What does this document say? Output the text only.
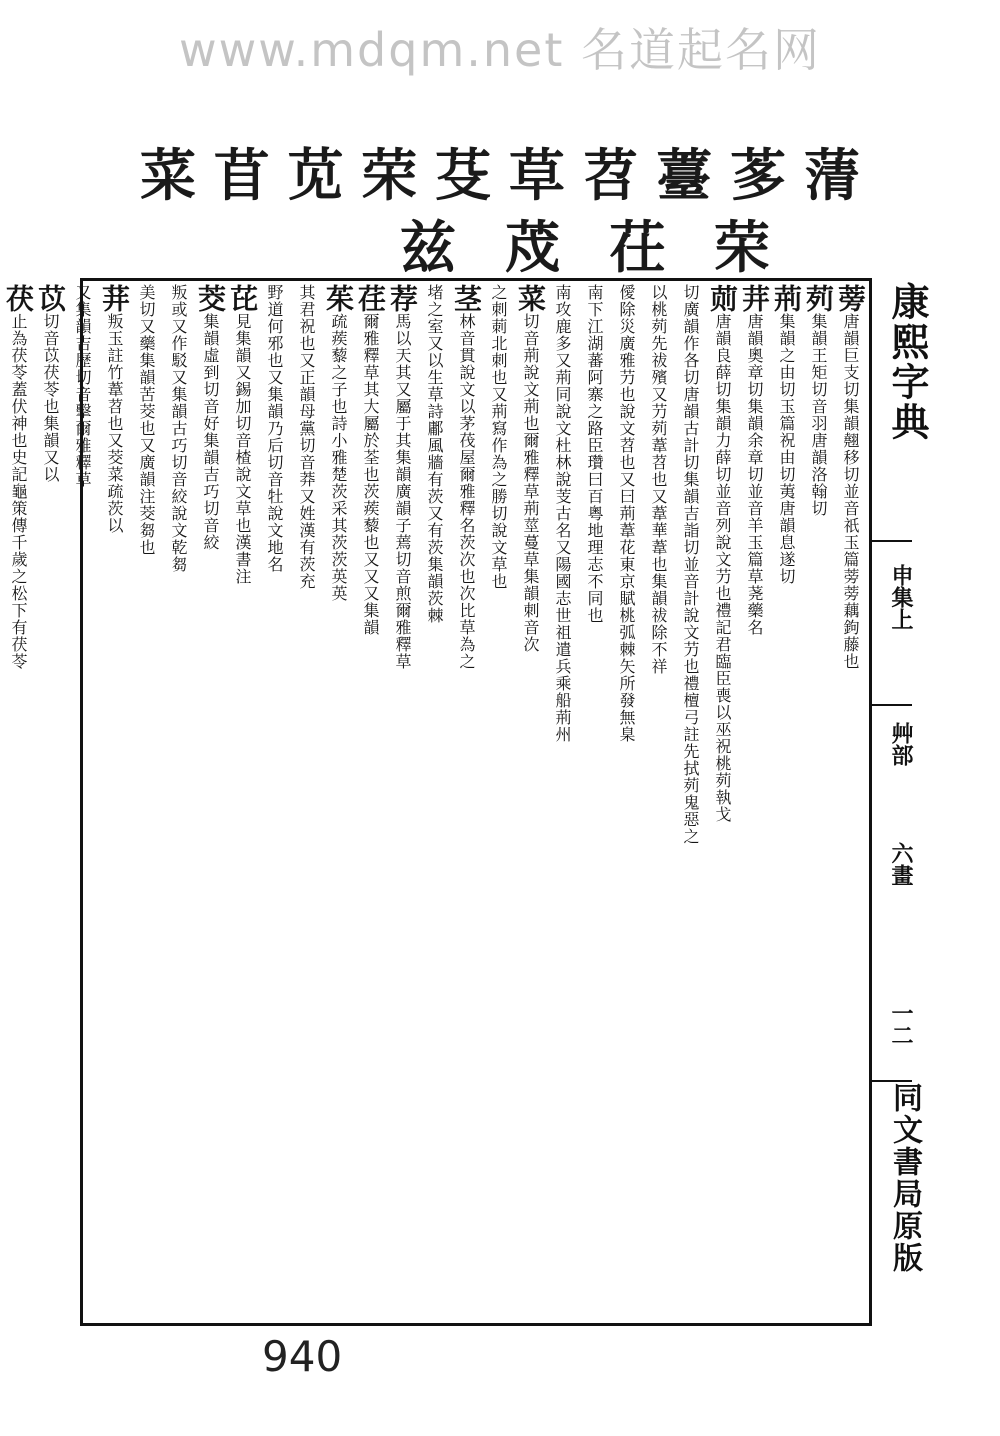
www.mdqm.net 名道起名网
蔳
茤
薹
苕
草
芟
荣
苋
苜
菜
荣
茌
荗
兹
蒡唐韻巨支切集韻翹移切並音祇玉篇蒡蒡藕鉤藤也
茢集韻王矩切音羽唐韻洛翰切
荊集韻之由切玉篇祝由切荑唐韻息遂切
茾唐韻奧章切集韻余章切並音羊玉篇草荛藥名
荝唐韻良薛切集韻力薛切並音列說文芀也禮記君臨臣喪以巫祝桃茢執戈
切廣韻作各切唐韻古計切集韻吉詣切並音計說文芀也禮檀弓註先拭茢鬼惡之
以桃茢先祓殯又芀茢葦苕也又葦華葦也集韻祓除不祥
僾除災廣雅芀也說文苕也又曰荊葦花東京賦桃弧棘矢所發無臬
南下江湖蕃阿寨之路臣瓚曰百粵地理志不同也
南攻鹿多又荊同說文杜林說芰古名又陽國志世祖遣兵乘船荊州
菜切音荊說文荊也爾雅釋草荊莖蔓草集韻刺音次
之刺莿北刺也又荊寫作為之勝切說文草也
茎林音貫說文以茅茷屋爾雅釋名茨次也次比草為之
堵之室又以生草詩鄘風牆有茨又有茨集韻茨棘
荐馬以天其又屬于其集韻廣韻子蔫切音煎爾雅釋草
荏爾雅釋草其大屬於荃也茨蒺藜也又又又集韻
茱疏蒺藜之子也詩小雅楚茨采其茨茨英英
其君祝也又正韻母黨切音莽又姓漢有茨充
野道何邪也又集韻乃后切音牡說文地名
芘見集韻又錫加切音楂說文草也漢書注
茭集韻虛到切音好集韻吉巧切音絞
叛或又作駁又集韻古巧切音絞說文乾芻
美切又藥集韻苦茭也又廣韻注茭芻也
荓叛玉註竹葦苕也又茭菜疏茨以
又集韻吉歷切音擊爾雅釋草
苡切音苡茯苓也集韻又以
茯止為茯苓蓋伏神也史記龜策傳千歲之松下有茯苓	康熙字典
申集上
艸部
六畫
一二
同文書局原版
940
